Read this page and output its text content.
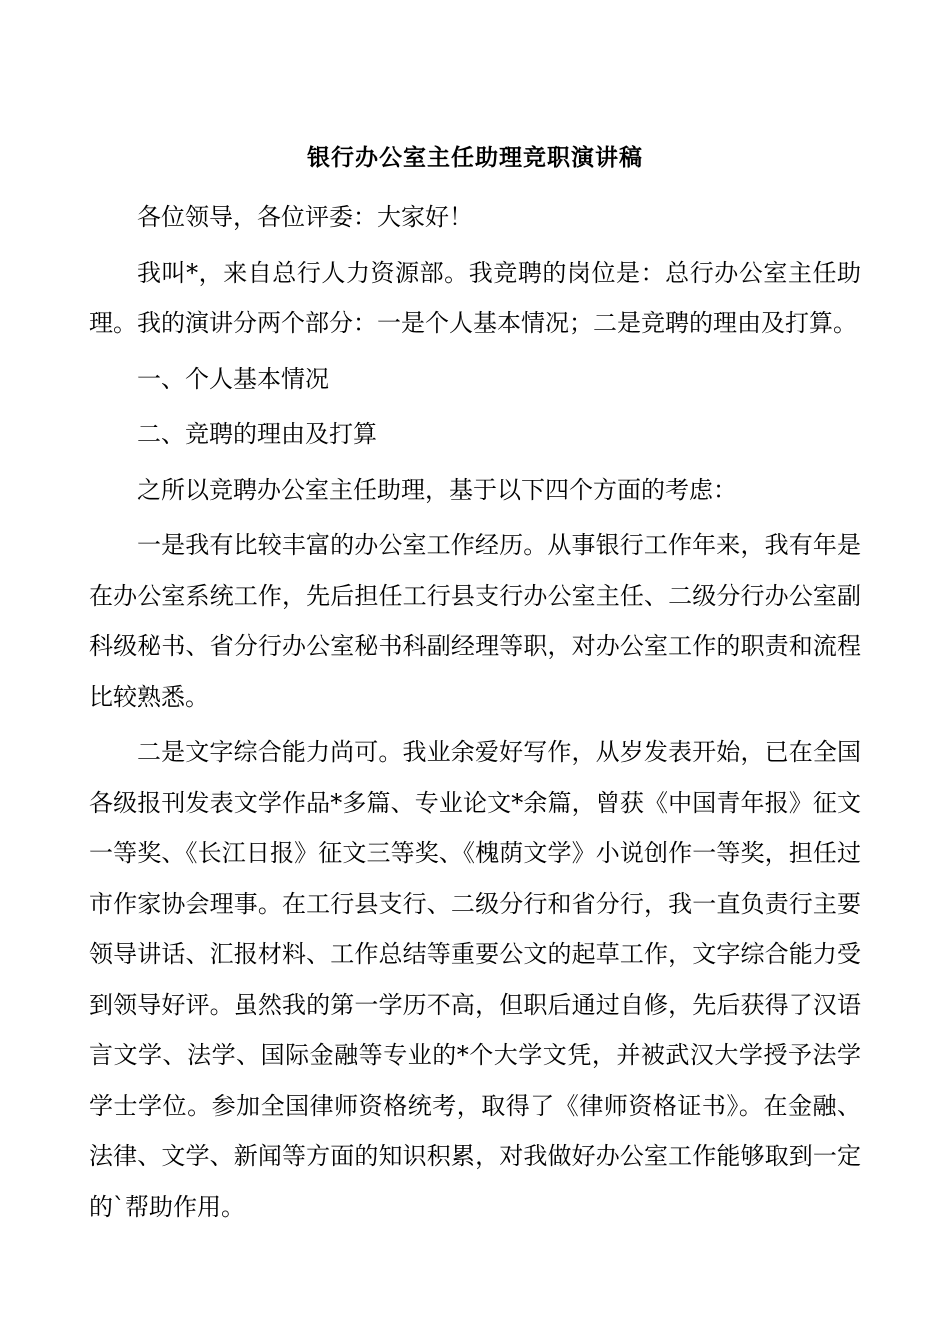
银行办公室主任助理竞职演讲稿

各位领导，各位评委：大家好！

我叫*，来自总行人力资源部。我竞聘的岗位是：总行办公室主任助理。我的演讲分两个部分：一是个人基本情况；二是竞聘的理由及打算。

一、个人基本情况

二、竞聘的理由及打算

之所以竞聘办公室主任助理，基于以下四个方面的考虑：

一是我有比较丰富的办公室工作经历。从事银行工作年来，我有年是在办公室系统工作，先后担任工行县支行办公室主任、二级分行办公室副科级秘书、省分行办公室秘书科副经理等职，对办公室工作的职责和流程比较熟悉。

二是文字综合能力尚可。我业余爱好写作，从岁发表开始，已在全国各级报刊发表文学作品*多篇、专业论文*余篇，曾获《中国青年报》征文一等奖、《长江日报》征文三等奖、《槐荫文学》小说创作一等奖，担任过市作家协会理事。在工行县支行、二级分行和省分行，我一直负责行主要领导讲话、汇报材料、工作总结等重要公文的起草工作，文字综合能力受到领导好评。虽然我的第一学历不高，但职后通过自修，先后获得了汉语言文学、法学、国际金融等专业的*个大学文凭，并被武汉大学授予法学学士学位。参加全国律师资格统考，取得了《律师资格证书》。在金融、法律、文学、新闻等方面的知识积累，对我做好办公室工作能够取到一定的`帮助作用。
